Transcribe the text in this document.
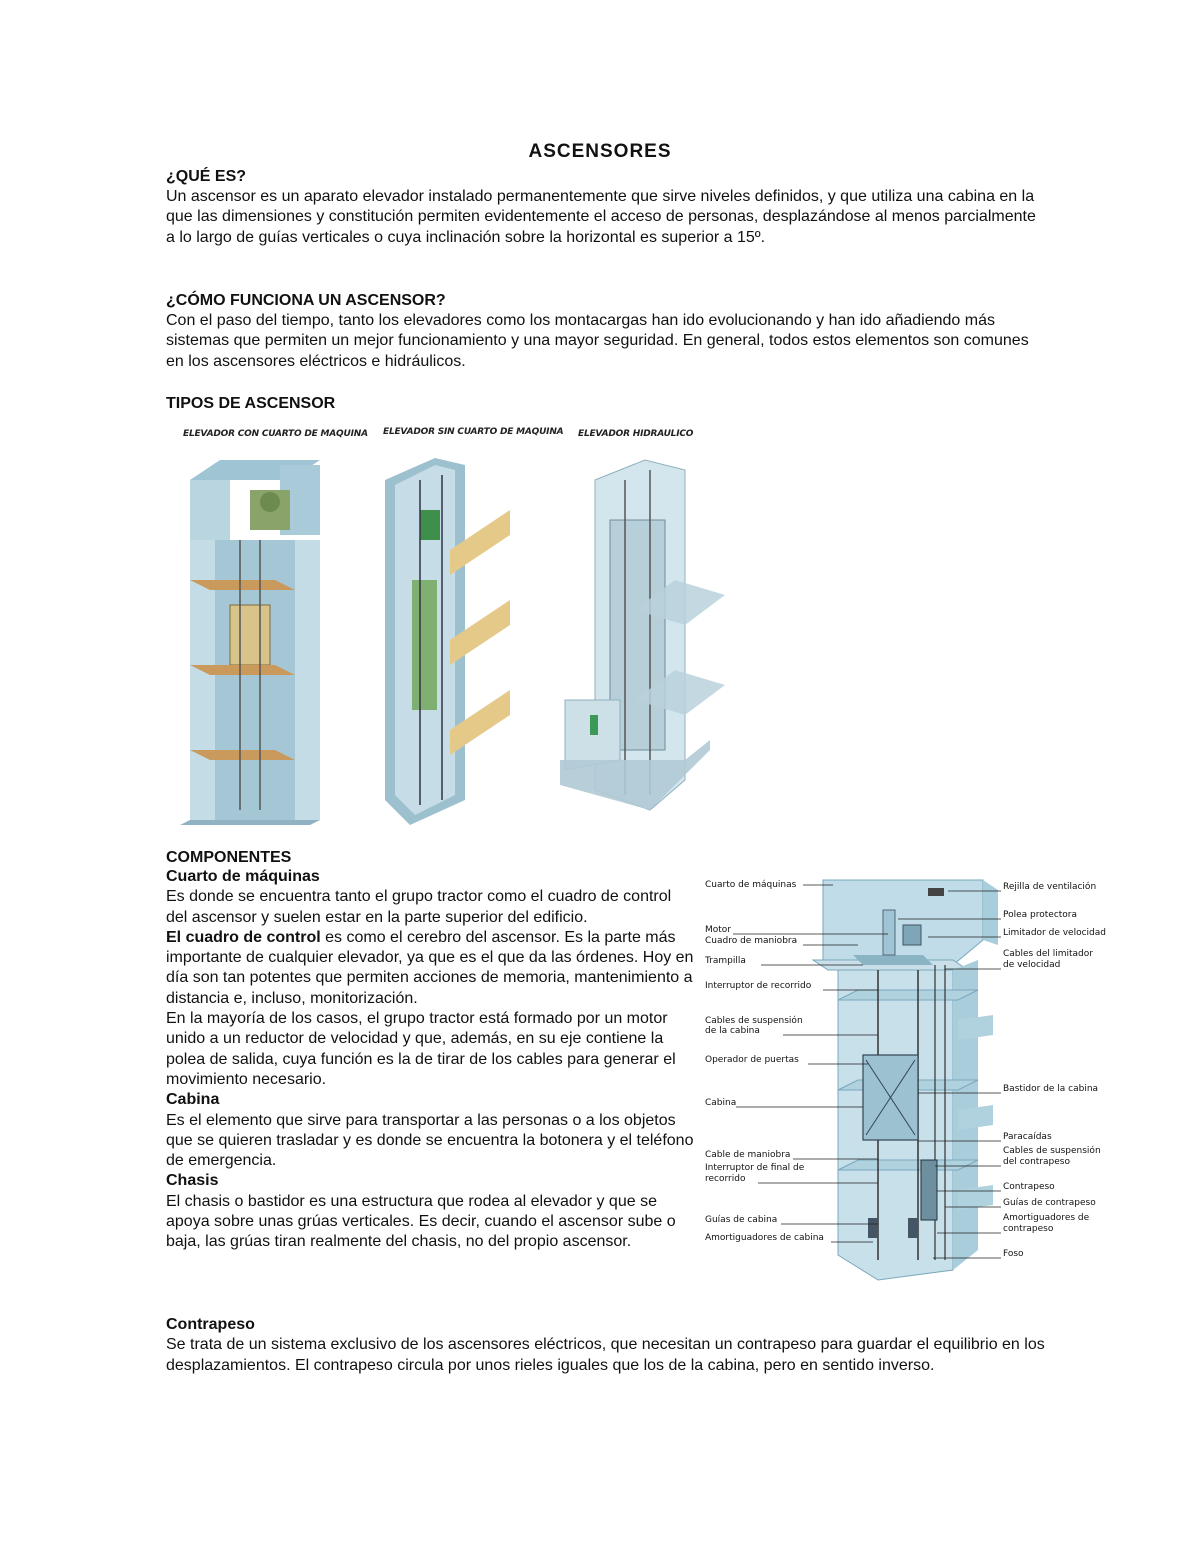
ASCENSORES
¿QUÉ ES?

Un ascensor es un aparato elevador instalado permanentemente que sirve niveles definidos, y que utiliza una cabina en la que las dimensiones y constitución permiten evidentemente el acceso de personas, desplazándose al menos parcialmente a lo largo de guías verticales o cuya inclinación sobre la horizontal es superior a 15º.

¿CÓMO FUNCIONA UN ASCENSOR?

Con el paso del tiempo, tanto los elevadores como los montacargas han ido evolucionando y han ido añadiendo más sistemas que permiten un mejor funcionamiento y una mayor seguridad. En general, todos estos elementos son comunes en los ascensores eléctricos e hidráulicos.

TIPOS DE ASCENSOR
ELEVADOR CON CUARTO DE MAQUINA ELEVADOR SIN CUARTO DE MAQUINA ELEVADOR HIDRAULICO
COMPONENTES
Cuarto de máquinas

Es donde se encuentra tanto el grupo tractor como el cuadro de control del ascensor y suelen estar en la parte superior del edificio.

El cuadro de control es como el cerebro del ascensor. Es la parte más importante de cualquier elevador, ya que es el que da las órdenes. Hoy en día son tan potentes que permiten acciones de memoria, mantenimiento a distancia e, incluso, monitorización.

En la mayoría de los casos, el grupo tractor está formado por un motor unido a un reductor de velocidad y que, además, en su eje contiene la polea de salida, cuya función es la de tirar de los cables para generar el movimiento necesario.

Cabina

Es el elemento que sirve para transportar a las personas o a los objetos que se quieren trasladar y es donde se encuentra la botonera y el teléfono de emergencia.

Chasis

El chasis o bastidor es una estructura que rodea al elevador y que se apoya sobre unas grúas verticales. Es decir, cuando el ascensor sube o baja, las grúas tiran realmente del chasis, no del propio ascensor.

Contrapeso

Se trata de un sistema exclusivo de los ascensores eléctricos, que necesitan un contrapeso para guardar el equilibrio en los desplazamientos. El contrapeso circula por unos rieles iguales que los de la cabina, pero en sentido inverso.

Cuarto de máquinas
Motor
Cuadro de maniobra
Trampilla
Interruptor de recorrido
Cables de suspensión
de la cabina
Operador de puertas
Cabina
Cable de maniobra
Interruptor de final de
recorrido
Guías de cabina
Amortiguadores de cabina
Rejilla de ventilación
Polea protectora
Limitador de velocidad
Cables del limitador
de velocidad
Bastidor de la cabina
Paracaídas
Cables de suspensión
del contrapeso
Contrapeso
Guías de contrapeso
Amortiguadores de
contrapeso
Foso
